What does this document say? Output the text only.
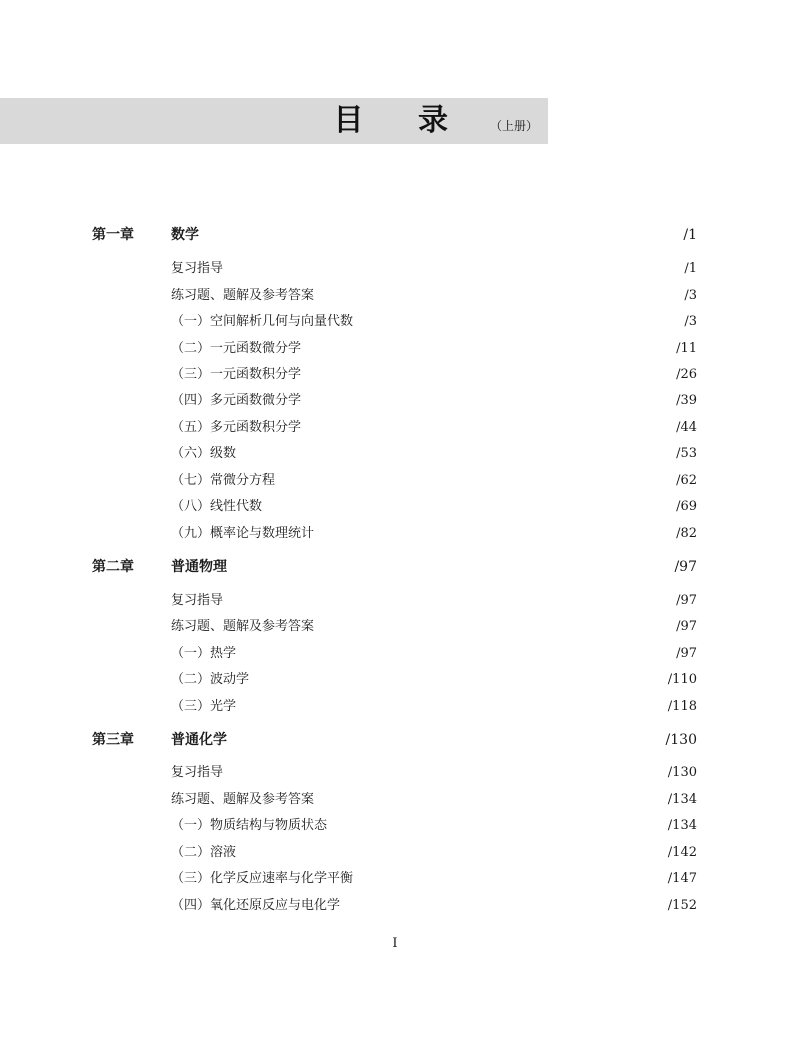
目 录 （上册）
第一章	数学	/1
复习指导	/1
练习题、题解及参考答案	/3
（一）空间解析几何与向量代数	/3
（二）一元函数微分学	/11
（三）一元函数积分学	/26
（四）多元函数微分学	/39
（五）多元函数积分学	/44
（六）级数	/53
（七）常微分方程	/62
（八）线性代数	/69
（九）概率论与数理统计	/82
第二章	普通物理	/97
复习指导	/97
练习题、题解及参考答案	/97
（一）热学	/97
（二）波动学	/110
（三）光学	/118
第三章	普通化学	/130
复习指导	/130
练习题、题解及参考答案	/134
（一）物质结构与物质状态	/134
（二）溶液	/142
（三）化学反应速率与化学平衡	/147
（四）氧化还原反应与电化学	/152
I
